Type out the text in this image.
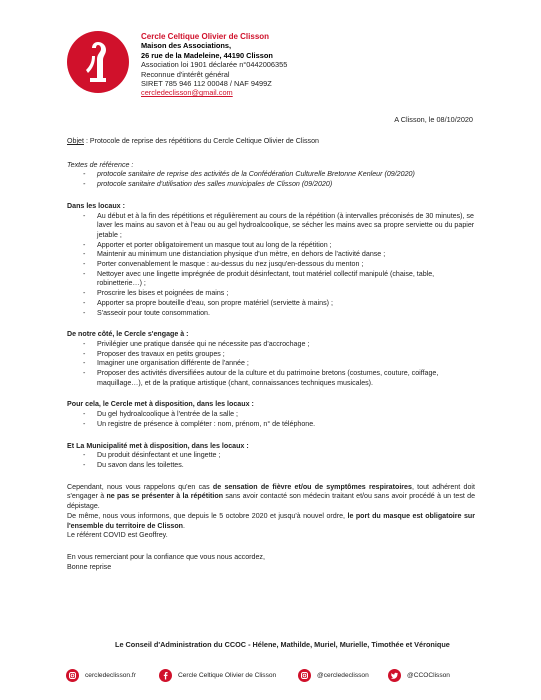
Cercle Celtique Olivier de Clisson
Maison des Associations,
26 rue de la Madeleine, 44190 Clisson
Association loi 1901 déclarée n°0442006355
Reconnue d'intérêt général
SIRET 785 946 112 00048 / NAF 9499Z
cercledeclisson@gmail.com
A Clisson, le 08/10/2020
Objet : Protocole de reprise des répétitions du Cercle Celtique Olivier de Clisson
Textes de référence :
- protocole sanitaire de reprise des activités de la Confédération Culturelle Bretonne Kenleur (09/2020)
- protocole sanitaire d'utilisation des salles municipales de Clisson (09/2020)
Dans les locaux :
- Au début et à la fin des répétitions et régulièrement au cours de la répétition (à intervalles préconisés de 30 minutes), se laver les mains au savon et à l'eau ou au gel hydroalcoolique, se sécher les mains avec sa propre serviette ou du papier jetable ;
- Apporter et porter obligatoirement un masque tout au long de la répétition ;
- Maintenir au minimum une distanciation physique d'un mètre, en dehors de l'activité danse ;
- Porter convenablement le masque : au-dessus du nez jusqu'en-dessous du menton ;
- Nettoyer avec une lingette imprégnée de produit désinfectant, tout matériel collectif manipulé (chaise, table, robinetterie…) ;
- Proscrire les bises et poignées de mains ;
- Apporter sa propre bouteille d'eau, son propre matériel (serviette à mains) ;
- S'asseoir pour toute consommation.
De notre côté, le Cercle s'engage à :
- Privilégier une pratique dansée qui ne nécessite pas d'accrochage ;
- Proposer des travaux en petits groupes ;
- Imaginer une organisation différente de l'année ;
- Proposer des activités diversifiées autour de la culture et du patrimoine bretons (costumes, couture, coiffage, maquillage…), et de la pratique artistique (chant, connaissances techniques musicales).
Pour cela, le Cercle met à disposition, dans les locaux :
- Du gel hydroalcoolique à l'entrée de la salle ;
- Un registre de présence à compléter : nom, prénom, n° de téléphone.
Et La Municipalité met à disposition, dans les locaux :
- Du produit désinfectant et une lingette ;
- Du savon dans les toilettes.

Cependant, nous vous rappelons qu'en cas de sensation de fièvre et/ou de symptômes respiratoires, tout adhérent doit s'engager à ne pas se présenter à la répétition sans avoir contacté son médecin traitant et/ou sans avoir procédé à un test de dépistage.

De même, nous vous informons, que depuis le 5 octobre 2020 et jusqu'à nouvel ordre, le port du masque est obligatoire sur l'ensemble du territoire de Clisson.

Le référent COVID est Geoffrey.

En vous remerciant pour la confiance que vous nous accordez,

Bonne reprise

Le Conseil d'Administration du CCOC - Hélene, Mathilde, Muriel, Murielle, Timothée et Véronique
cercledeclisson.fr	Cercle Celtique Olivier de Clisson	@cercledeclisson	@CCOClisson
